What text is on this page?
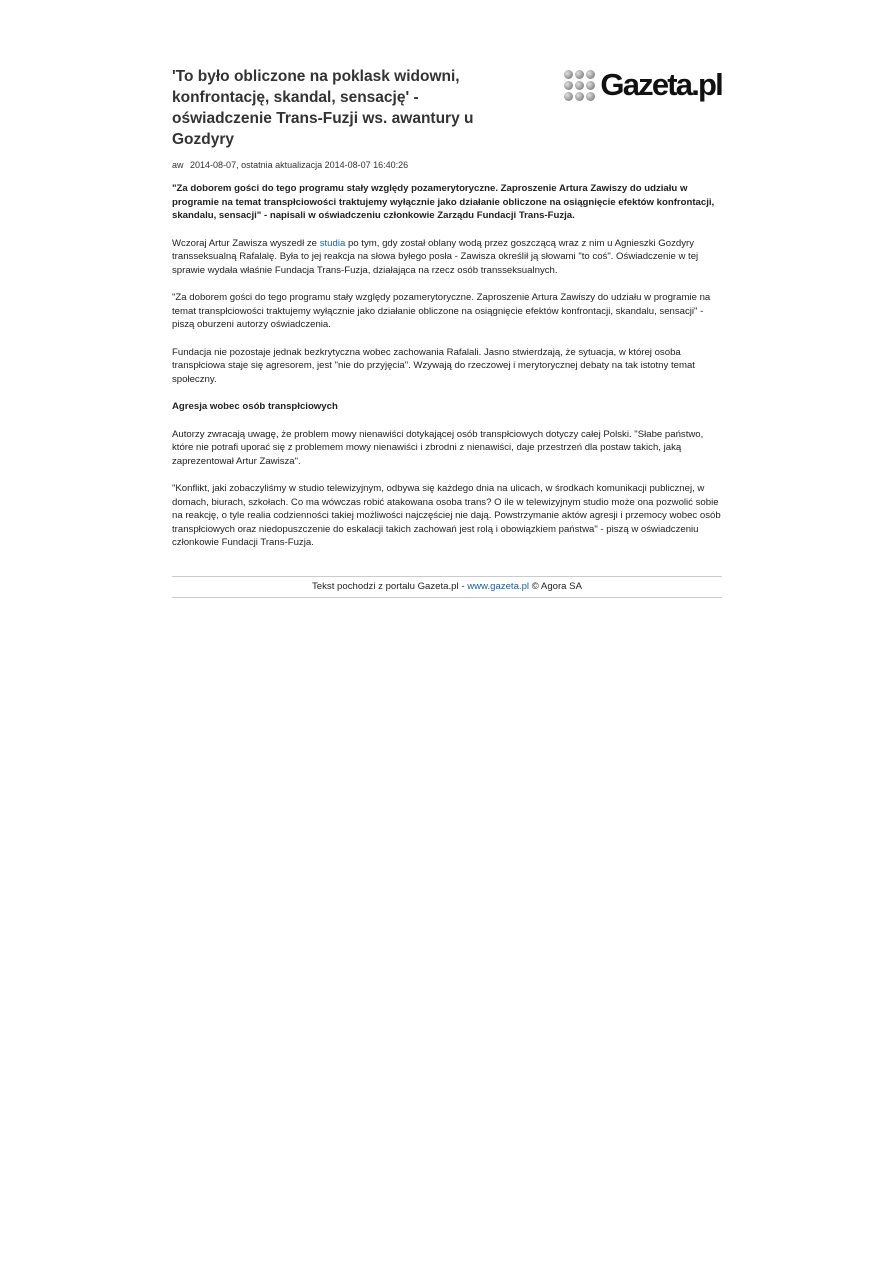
'To było obliczone na poklask widowni, konfrontację, skandal, sensację' - oświadczenie Trans-Fuzji ws. awantury u Gozdyry
Gazeta.pl
aw 2014-08-07, ostatnia aktualizacja 2014-08-07 16:40:26

"Za doborem gości do tego programu stały względy pozamerytoryczne. Zaproszenie Artura Zawiszy do udziału w programie na temat transpłciowości traktujemy wyłącznie jako działanie obliczone na osiągnięcie efektów konfrontacji, skandalu, sensacji" - napisali w oświadczeniu członkowie Zarządu Fundacji Trans-Fuzja.

Wczoraj Artur Zawisza wyszedł ze studia po tym, gdy został oblany wodą przez goszczącą wraz z nim u Agnieszki Gozdyry transseksualną Rafalalę. Była to jej reakcja na słowa byłego posła - Zawisza określił ją słowami "to coś". Oświadczenie w tej sprawie wydała właśnie Fundacja Trans-Fuzja, działająca na rzecz osób transseksualnych.

"Za doborem gości do tego programu stały względy pozamerytoryczne. Zaproszenie Artura Zawiszy do udziału w programie na temat transpłciowości traktujemy wyłącznie jako działanie obliczone na osiągnięcie efektów konfrontacji, skandalu, sensacji" - piszą oburzeni autorzy oświadczenia.

Fundacja nie pozostaje jednak bezkrytyczna wobec zachowania Rafalali. Jasno stwierdzają, że sytuacja, w której osoba transpłciowa staje się agresorem, jest "nie do przyjęcia". Wzywają do rzeczowej i merytorycznej debaty na tak istotny temat społeczny.

Agresja wobec osób transpłciowych

Autorzy zwracają uwagę, że problem mowy nienawiści dotykającej osób transpłciowych dotyczy całej Polski. "Słabe państwo, które nie potrafi uporać się z problemem mowy nienawiści i zbrodni z nienawiści, daje przestrzeń dla postaw takich, jaką zaprezentował Artur Zawisza".

"Konflikt, jaki zobaczyliśmy w studio telewizyjnym, odbywa się każdego dnia na ulicach, w środkach komunikacji publicznej, w domach, biurach, szkołach. Co ma wówczas robić atakowana osoba trans? O ile w telewizyjnym studio może ona pozwolić sobie na reakcję, o tyle realia codzienności takiej możliwości najczęściej nie dają. Powstrzymanie aktów agresji i przemocy wobec osób transpłciowych oraz niedopuszczenie do eskalacji takich zachowań jest rolą i obowiązkiem państwa" - piszą w oświadczeniu członkowie Fundacji Trans-Fuzja.

Tekst pochodzi z portalu Gazeta.pl - www.gazeta.pl © Agora SA
